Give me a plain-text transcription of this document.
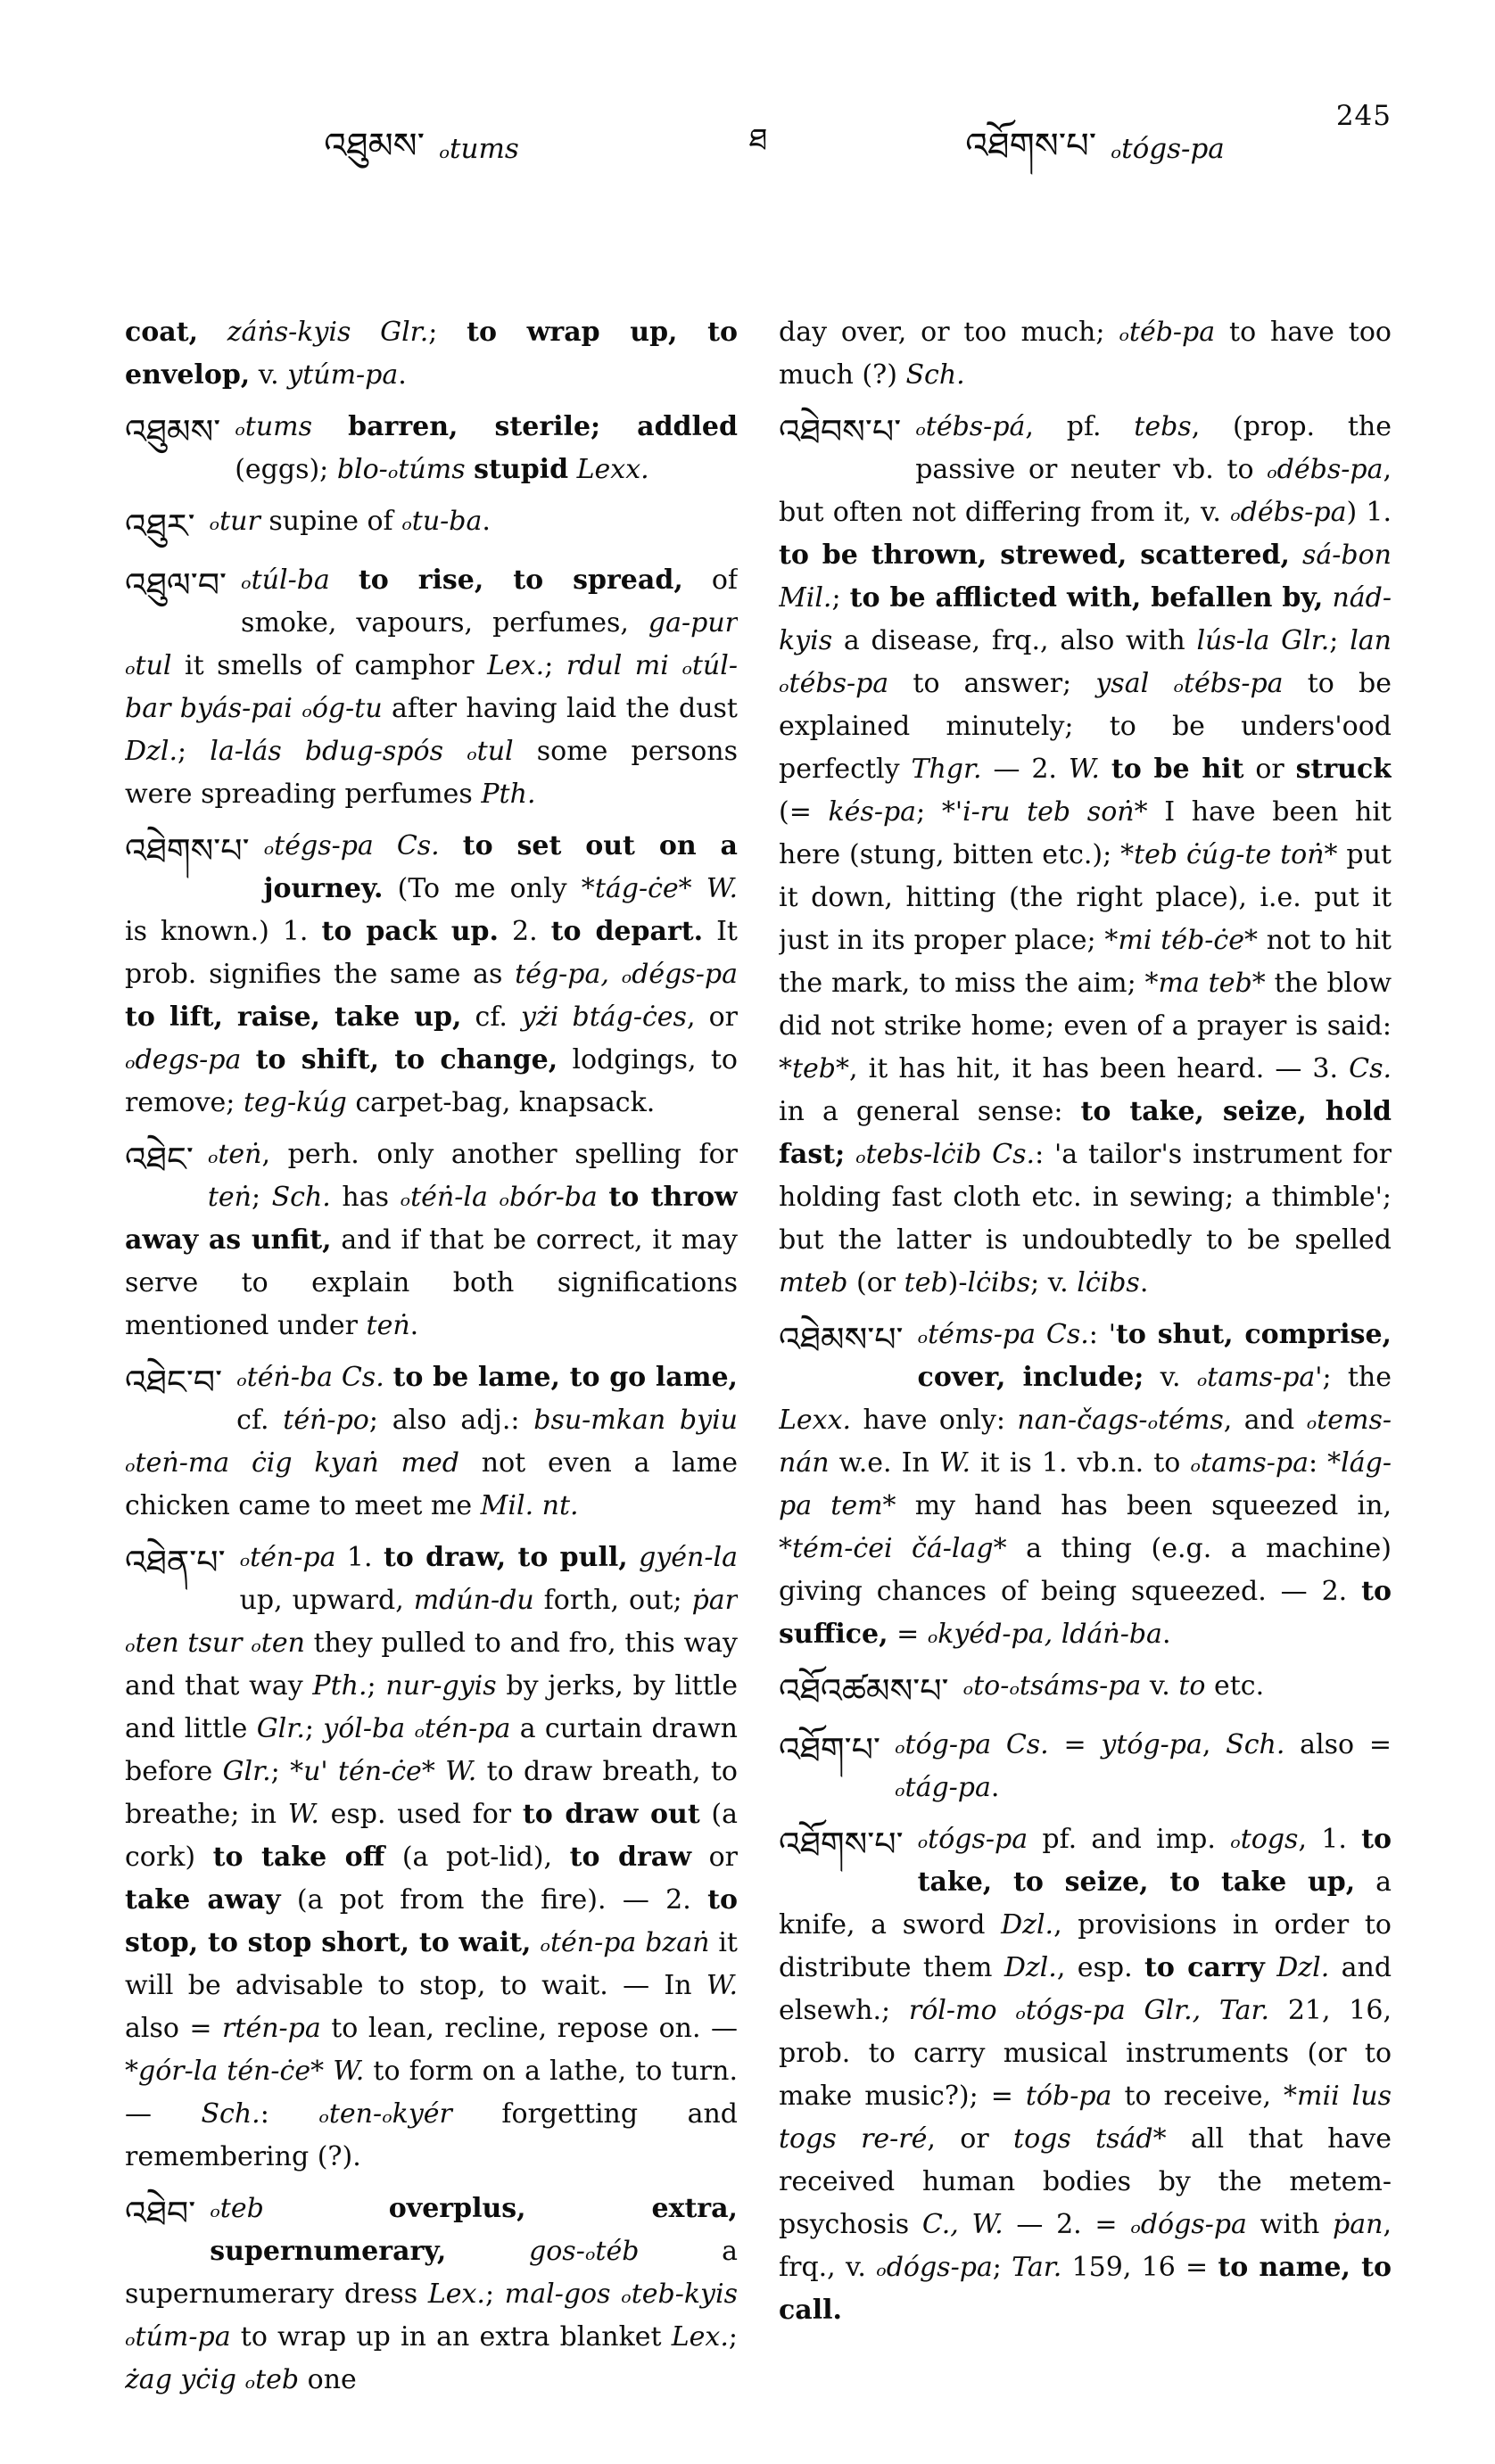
འཐུམས་ ₒtums	ཐ	འཐོགས་པ་ ₒtógs-pa
245
coat, záṅs-kyis Glr.; to wrap up, to envelop, v. ytúm-pa.
འཐུམས་ ₒtums barren, sterile; addled (eggs); blo-ₒtúms stupid Lexx.
འཐུར་ ₒtur supine of ₒtu-ba.
འཐུལ་བ་ ₒtúl-ba to rise, to spread, of smoke, vapours, perfumes, ga-pur ₒtul it smells of camphor Lex.; rdul mi ₒtúl-bar byás-pai ₒóg-tu after having laid the dust Dzl.; la-lás bdug-spós ₒtul some persons were spreading perfumes Pth.
འཐེགས་པ་ ₒtégs-pa Cs. to set out on a journey. (To me only *tág-ċe* W. is known.) 1. to pack up. 2. to depart. It prob. signifies the same as tég-pa, ₒdégs-pa to lift, raise, take up, cf. yżi btág-ċes, or ₒdegs-pa to shift, to change, lodgings, to remove; teg-kúg carpet-bag, knapsack.
འཐེང་ ₒteṅ, perh. only another spelling for teṅ; Sch. has ₒtéṅ-la ₒbór-ba to throw away as unfit, and if that be correct, it may serve to explain both significations mentioned under teṅ.
འཐེང་བ་ ₒtéṅ-ba Cs. to be lame, to go lame, cf. téṅ-po; also adj.: bsu-mkan byiu ₒteṅ-ma ċig kyaṅ med not even a lame chicken came to meet me Mil. nt.
འཐེན་པ་ ₒtén-pa 1. to draw, to pull, gyén-la up, upward, mdún-du forth, out; ṗar ₒten tsur ₒten they pulled to and fro, this way and that way Pth.; nur-gyis by jerks, by little and little Glr.; yól-ba ₒtén-pa a curtain drawn before Glr.; *u' tén-ċe* W. to draw breath, to breathe; in W. esp. used for to draw out (a cork) to take off (a pot-lid), to draw or take away (a pot from the fire). — 2. to stop, to stop short, to wait, ₒtén-pa bzaṅ it will be advisable to stop, to wait. — In W. also = rtén-pa to lean, recline, repose on. — *gór-la tén-ċe* W. to form on a lathe, to turn. — Sch.: ₒten-ₒkyér forgetting and remembering (?).
འཐེབ་ ₒteb	overplus, extra, supernumerary,	gos-ₒtéb a supernumerary dress Lex.; mal-gos ₒteb-kyis ₒtúm-pa to wrap up in an extra blanket Lex.; żag yċig ₒteb one
day over, or too much; ₒtéb-pa to have too much (?) Sch.
འཐེབས་པ་ ₒtébs-pá, pf. tebs, (prop. the passive or neuter vb. to ₒdébs-pa, but often not differing from it, v. ₒdébs-pa) 1. to be thrown, strewed, scattered, sá-bon Mil.; to be afflicted with, befallen by, nád-kyis a disease, frq., also with lús-la Glr.; lan ₒtébs-pa to answer; ysal ₒtébs-pa to be explained minutely; to be unders'ood perfectly Thgr. — 2. W. to be hit or struck (= kés-pa; *'i-ru teb soṅ* I have been hit here (stung, bitten etc.); *teb ċúg-te toṅ* put it down, hitting (the right place), i.e. put it just in its proper place; *mi téb-ċe* not to hit the mark, to miss the aim; *ma teb* the blow did not strike home; even of a prayer is said: *teb*, it has hit, it has been heard. — 3. Cs. in a general sense: to take, seize, hold fast; ₒtebs-lċib Cs.: 'a tailor's instrument for holding fast cloth etc. in sewing; a thimble'; but the latter is undoubtedly to be spelled mteb (or teb)-lċibs; v. lċibs.
འཐེམས་པ་ ₒtéms-pa Cs.: 'to shut, comprise, cover, include; v. ₒtams-pa'; the Lexx. have only: nan-čags-ₒtéms, and ₒtems-nán w.e. In W. it is 1. vb.n. to ₒtams-pa: *lág-pa tem* my hand has been squeezed in, *tém-ċei čá-lag* a thing (e.g. a machine) giving chances of being squeezed. — 2. to suffice, = ₒkyéd-pa, ldáṅ-ba.
འཐོའཚམས་པ་ ₒto-ₒtsáms-pa v. to etc.
འཐོག་པ་ ₒtóg-pa Cs. = ytóg-pa, Sch. also = ₒtág-pa.
འཐོགས་པ་ ₒtógs-pa pf. and imp. ₒtogs, 1. to take, to seize, to take up, a knife, a sword Dzl., provisions in order to distribute them Dzl., esp. to carry Dzl. and elsewh.; ról-mo ₒtógs-pa Glr., Tar. 21, 16, prob. to carry musical instruments (or to make music?); = tób-pa to receive, *mii lus togs re-ré, or togs tsád* all that have received human bodies by the metem-psychosis C., W. — 2. = ₒdógs-pa with ṗan, frq., v. ₒdógs-pa; Tar. 159, 16 = to name, to call.
